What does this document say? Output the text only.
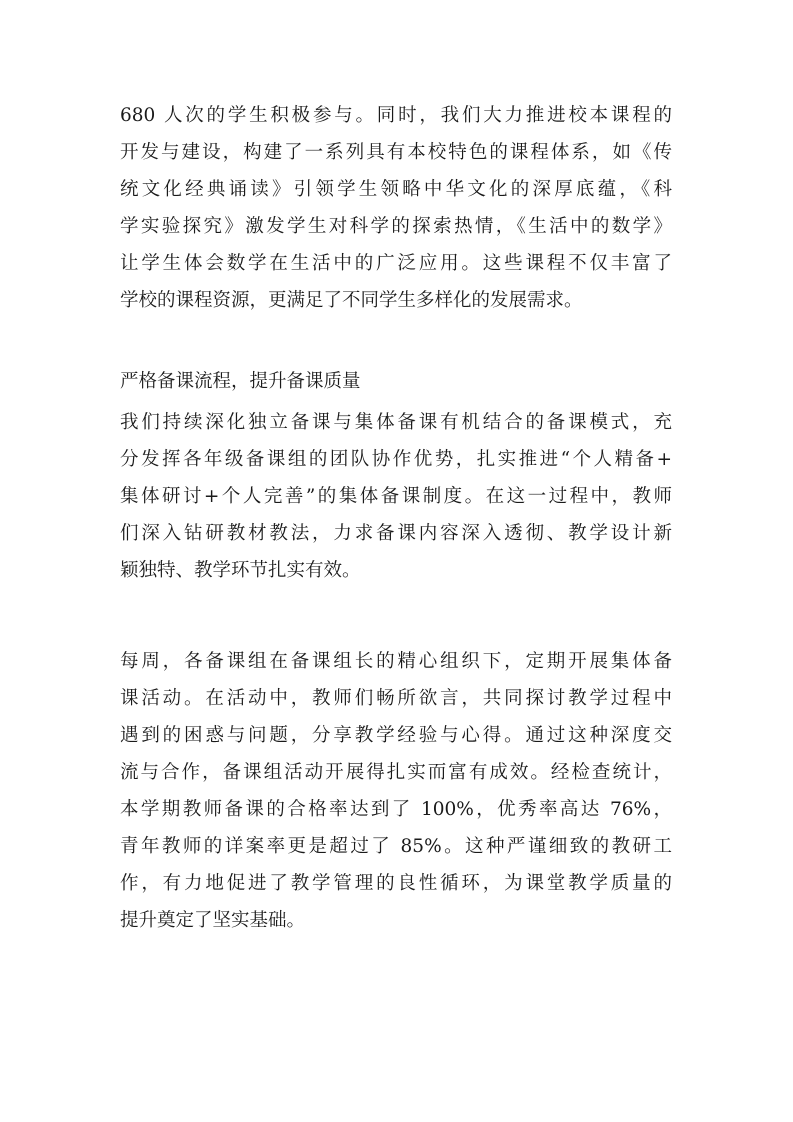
680 人次的学生积极参与。同时，我们大力推进校本课程的
开发与建设，构建了一系列具有本校特色的课程体系，如《传
统文化经典诵读》引领学生领略中华文化的深厚底蕴，《科
学实验探究》激发学生对科学的探索热情，《生活中的数学》
让学生体会数学在生活中的广泛应用。这些课程不仅丰富了
学校的课程资源，更满足了不同学生多样化的发展需求。
严格备课流程，提升备课质量
我们持续深化独立备课与集体备课有机结合的备课模式，充
分发挥各年级备课组的团队协作优势，扎实推进“个人精备+
集体研讨+个人完善”的集体备课制度。在这一过程中，教师
们深入钻研教材教法，力求备课内容深入透彻、教学设计新
颖独特、教学环节扎实有效。
每周，各备课组在备课组长的精心组织下，定期开展集体备
课活动。在活动中，教师们畅所欲言，共同探讨教学过程中
遇到的困惑与问题，分享教学经验与心得。通过这种深度交
流与合作，备课组活动开展得扎实而富有成效。经检查统计，
本学期教师备课的合格率达到了 100%，优秀率高达 76%，
青年教师的详案率更是超过了 85%。这种严谨细致的教研工
作，有力地促进了教学管理的良性循环，为课堂教学质量的
提升奠定了坚实基础。
